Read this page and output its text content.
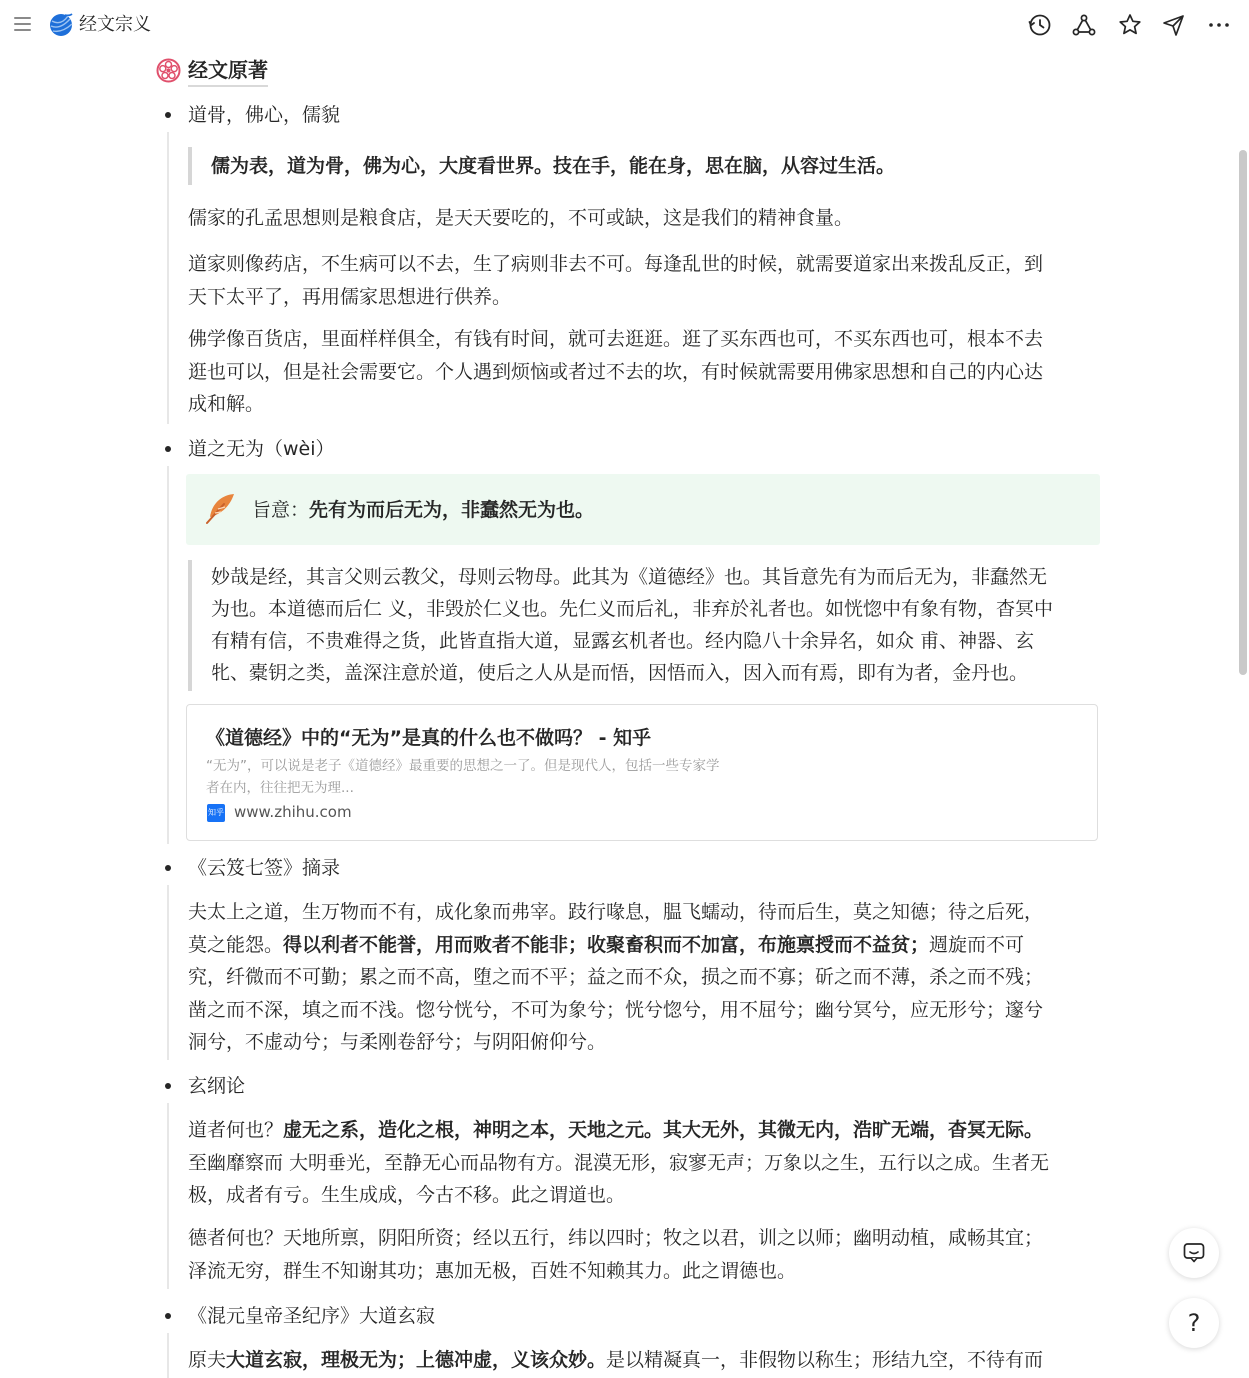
经文宗义
经文原著
道骨，佛心，儒貌
儒为表，道为骨，佛为心，大度看世界。技在手，能在身，思在脑，从容过生活。
儒家的孔孟思想则是粮食店，是天天要吃的，不可或缺，这是我们的精神食量。
道家则像药店，不生病可以不去，生了病则非去不可。每逢乱世的时候，就需要道家出来拨乱反正，到
天下太平了，再用儒家思想进行供养。
佛学像百货店，里面样样俱全，有钱有时间，就可去逛逛。逛了买东西也可，不买东西也可，根本不去
逛也可以，但是社会需要它。个人遇到烦恼或者过不去的坎，有时候就需要用佛家思想和自己的内心达
成和解。
道之无为（wèi）
旨意：先有为而后无为，非蠢然无为也。
妙哉是经，其言父则云教父，母则云物母。此其为《道德经》也。其旨意先有为而后无为，非蠢然无
为也。本道德而后仁 义，非毁於仁义也。先仁义而后礼，非弃於礼者也。如恍惚中有象有物，杳冥中
有精有信，不贵难得之货，此皆直指大道，显露玄机者也。经内隐八十余异名，如众 甫、神器、玄
牝、橐钥之类，盖深注意於道，使后之人从是而悟，因悟而入，因入而有焉，即有为者，金丹也。
《道德经》中的“无为”是真的什么也不做吗？ - 知乎
“无为”，可以说是老子《道德经》最重要的思想之一了。但是现代人，包括一些专家学
者在内，往往把无为理...
知乎 www.zhihu.com
《云笈七签》摘录
夫太上之道，生万物而不有，成化象而弗宰。跂行喙息，腽飞蠕动，待而后生，莫之知德；待之后死，
莫之能怨。得以利者不能誉，用而败者不能非；收聚畜积而不加富，布施禀授而不益贫；週旋而不可
究，纤微而不可勤；累之而不高，堕之而不平；益之而不众，损之而不寡；斫之而不薄，杀之而不残；
凿之而不深，填之而不浅。惚兮恍兮，不可为象兮；恍兮惚兮，用不屈兮；幽兮冥兮，应无形兮；邃兮
洞兮，不虚动兮；与柔刚卷舒兮；与阴阳俯仰兮。
玄纲论
道者何也？虚无之系，造化之根，神明之本，天地之元。其大无外，其微无内，浩旷无端，杳冥无际。
至幽靡察而 大明垂光，至静无心而品物有方。混漠无形，寂寥无声；万象以之生，五行以之成。生者无
极，成者有亏。生生成成，今古不移。此之谓道也。
德者何也？天地所禀，阴阳所资；经以五行，纬以四时；牧之以君，训之以师；幽明动植，咸畅其宜；
泽流无穷，群生不知谢其功；惠加无极，百姓不知赖其力。此之谓德也。
《混元皇帝圣纪序》大道玄寂
原夫大道玄寂，理极无为；上德冲虚，义该众妙。是以精凝真一，非假物以称生；形结九空，不待有而
?
